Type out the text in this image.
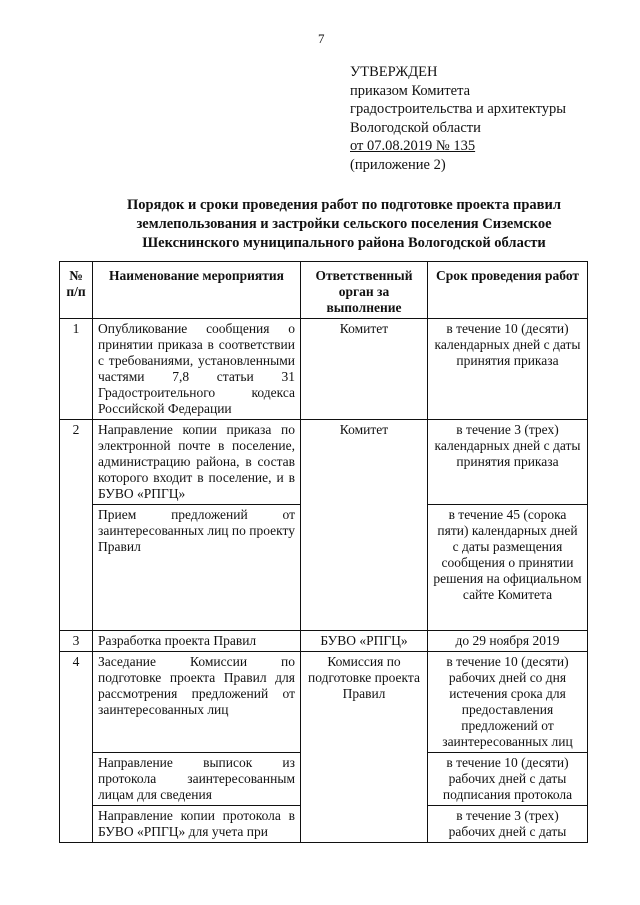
7
УТВЕРЖДЕН
приказом Комитета
градостроительства и архитектуры
Вологодской области
от 07.08.2019 № 135
(приложение 2)
Порядок и сроки проведения работ по подготовке проекта правил
землепользования и застройки сельского поселения Сиземское
Шекснинского муниципального района Вологодской области
№ п/п	Наименование мероприятия	Ответственный орган за выполнение	Срок проведения работ
1	Опубликование сообщения о принятии приказа в соответствии с требованиями, установленными частями 7,8 статьи 31 Градостроительного кодекса Российской Федерации	Комитет	в течение 10 (десяти) календарных дней с даты принятия приказа
2	Направление копии приказа по электронной почте в поселение, администрацию района, в состав которого входит в поселение, и в БУВО «РПГЦ»	Комитет	в течение 3 (трех) календарных дней с даты принятия приказа
	Прием предложений от заинтересованных лиц по проекту Правил		в течение 45 (сорока пяти) календарных дней с даты размещения сообщения о принятии решения на официальном сайте Комитета
3	Разработка проекта Правил	БУВО «РПГЦ»	до 29 ноября 2019
4	Заседание Комиссии по подготовке проекта Правил для рассмотрения предложений от заинтересованных лиц	Комиссия по подготовке проекта Правил	в течение 10 (десяти) рабочих дней со дня истечения срока для предоставления предложений от заинтересованных лиц
	Направление выписок из протокола заинтересованным лицам для сведения		в течение 10 (десяти) рабочих дней с даты подписания протокола
	Направление копии протокола в БУВО «РПГЦ» для учета при		в течение 3 (трех) рабочих дней с даты
